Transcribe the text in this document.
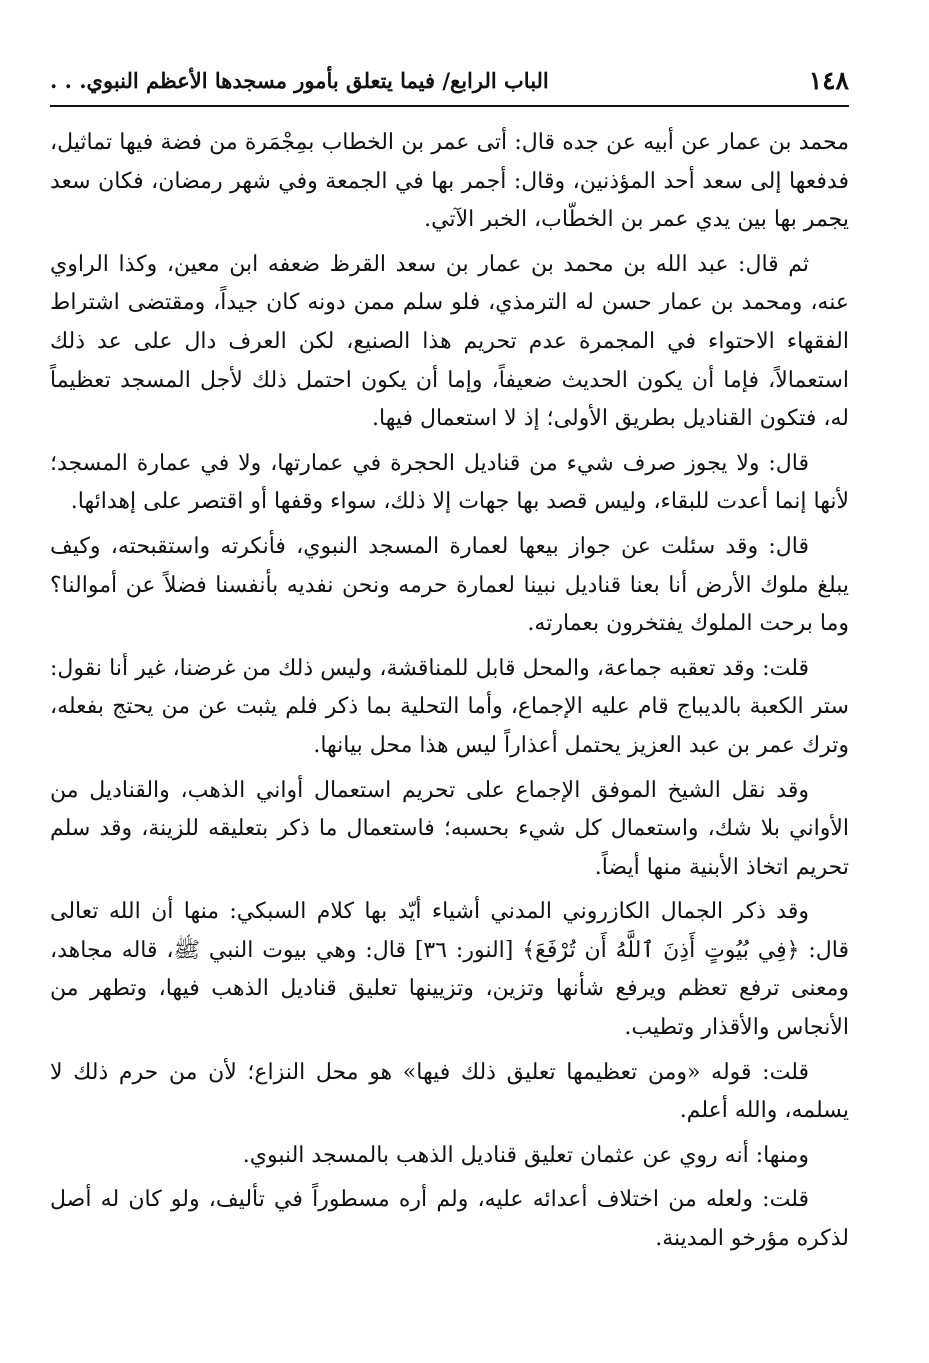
١٤٨
الباب الرابع/ فيما يتعلق بأمور مسجدها الأعظم النبوي. . .

محمد بن عمار عن أبيه عن جده قال: أتى عمر بن الخطاب بمِجْمَرة من فضة فيها تماثيل، فدفعها إلى سعد أحد المؤذنين، وقال: أجمر بها في الجمعة وفي شهر رمضان، فكان سعد يجمر بها بين يدي عمر بن الخطّاب، الخبر الآتي.

ثم قال: عبد الله بن محمد بن عمار بن سعد القرظ ضعفه ابن معين، وكذا الراوي عنه، ومحمد بن عمار حسن له الترمذي، فلو سلم ممن دونه كان جيداً، ومقتضى اشتراط الفقهاء الاحتواء في المجمرة عدم تحريم هذا الصنيع، لكن العرف دال على عد ذلك استعمالاً، فإما أن يكون الحديث ضعيفاً، وإما أن يكون احتمل ذلك لأجل المسجد تعظيماً له، فتكون القناديل بطريق الأولى؛ إذ لا استعمال فيها.

قال: ولا يجوز صرف شيء من قناديل الحجرة في عمارتها، ولا في عمارة المسجد؛ لأنها إنما أعدت للبقاء، وليس قصد بها جهات إلا ذلك، سواء وقفها أو اقتصر على إهدائها.

قال: وقد سئلت عن جواز بيعها لعمارة المسجد النبوي، فأنكرته واستقبحته، وكيف يبلغ ملوك الأرض أنا بعنا قناديل نبينا لعمارة حرمه ونحن نفديه بأنفسنا فضلاً عن أموالنا؟ وما برحت الملوك يفتخرون بعمارته.

قلت: وقد تعقبه جماعة، والمحل قابل للمناقشة، وليس ذلك من غرضنا، غير أنا نقول: ستر الكعبة بالديباج قام عليه الإجماع، وأما التحلية بما ذكر فلم يثبت عن من يحتج بفعله، وترك عمر بن عبد العزيز يحتمل أعذاراً ليس هذا محل بيانها.

وقد نقل الشيخ الموفق الإجماع على تحريم استعمال أواني الذهب، والقناديل من الأواني بلا شك، واستعمال كل شيء بحسبه؛ فاستعمال ما ذكر بتعليقه للزينة، وقد سلم تحريم اتخاذ الأبنية منها أيضاً.

وقد ذكر الجمال الكازروني المدني أشياء أيّد بها كلام السبكي: منها أن الله تعالى قال: ﴿فِي بُيُوتٍ أَذِنَ ٱللَّهُ أَن تُرْفَعَ﴾ [النور: ٣٦] قال: وهي بيوت النبي ﷺ، قاله مجاهد، ومعنى ترفع تعظم ويرفع شأنها وتزين، وتزيينها تعليق قناديل الذهب فيها، وتطهر من الأنجاس والأقذار وتطيب.

قلت: قوله «ومن تعظيمها تعليق ذلك فيها» هو محل النزاع؛ لأن من حرم ذلك لا يسلمه، والله أعلم.

ومنها: أنه روي عن عثمان تعليق قناديل الذهب بالمسجد النبوي.

قلت: ولعله من اختلاف أعدائه عليه، ولم أره مسطوراً في تأليف، ولو كان له أصل لذكره مؤرخو المدينة.
